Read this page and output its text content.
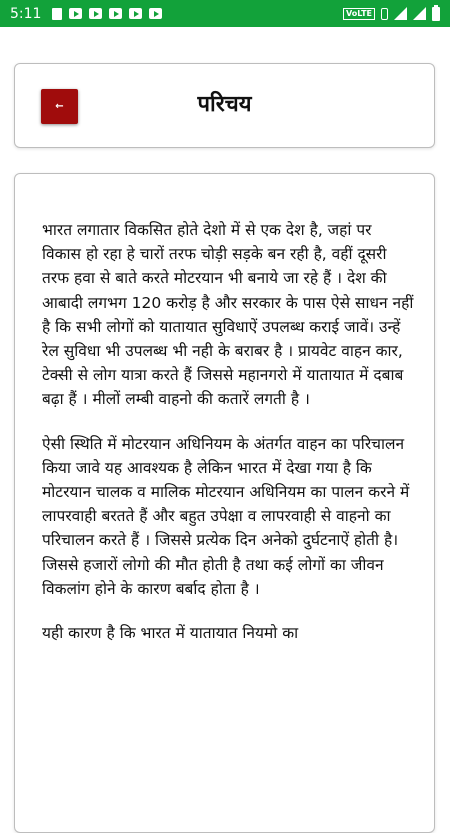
5:11	VoLTE
←	परिचय

भारत लगातार विकसित होते देशो में से एक देश है, जहां पर विकास हो रहा हे चारों तरफ चोड़ी सड़के बन रही है, वहीं दूसरी तरफ हवा से बाते करते मोटरयान भी बनाये जा रहे हैं । देश की आबादी लगभग 120 करोड़ है और सरकार के पास ऐसे साधन नहीं है कि सभी लोगों को यातायात सुविधाऐं उपलब्ध कराई जावें। उन्हें रेल सुविधा भी उपलब्ध भी नही के बराबर है । प्रायवेट वाहन कार, टेक्सी से लोग यात्रा करते हैं जिससे महानगरो में यातायात में दबाब बढ़ा हैं । मीलों लम्बी वाहनो की कतारें लगती है ।

ऐसी स्थिति में मोटरयान अधिनियम के अंतर्गत वाहन का परिचालन किया जावे यह आवश्यक है लेकिन भारत में देखा गया है कि मोटरयान चालक व मालिक मोटरयान अधिनियम का पालन करने में लापरवाही बरतते हैं और बहुत उपेक्षा व लापरवाही से वाहनो का परिचालन करते हैं । जिससे प्रत्येक दिन अनेको दुर्घटनाऐं होती है। जिससे हजारों लोगो की मौत होती है तथा कई लोगों का जीवन विकलांग होने के कारण बर्बाद होता है ।

यही कारण है कि भारत में यातायात नियमो का
